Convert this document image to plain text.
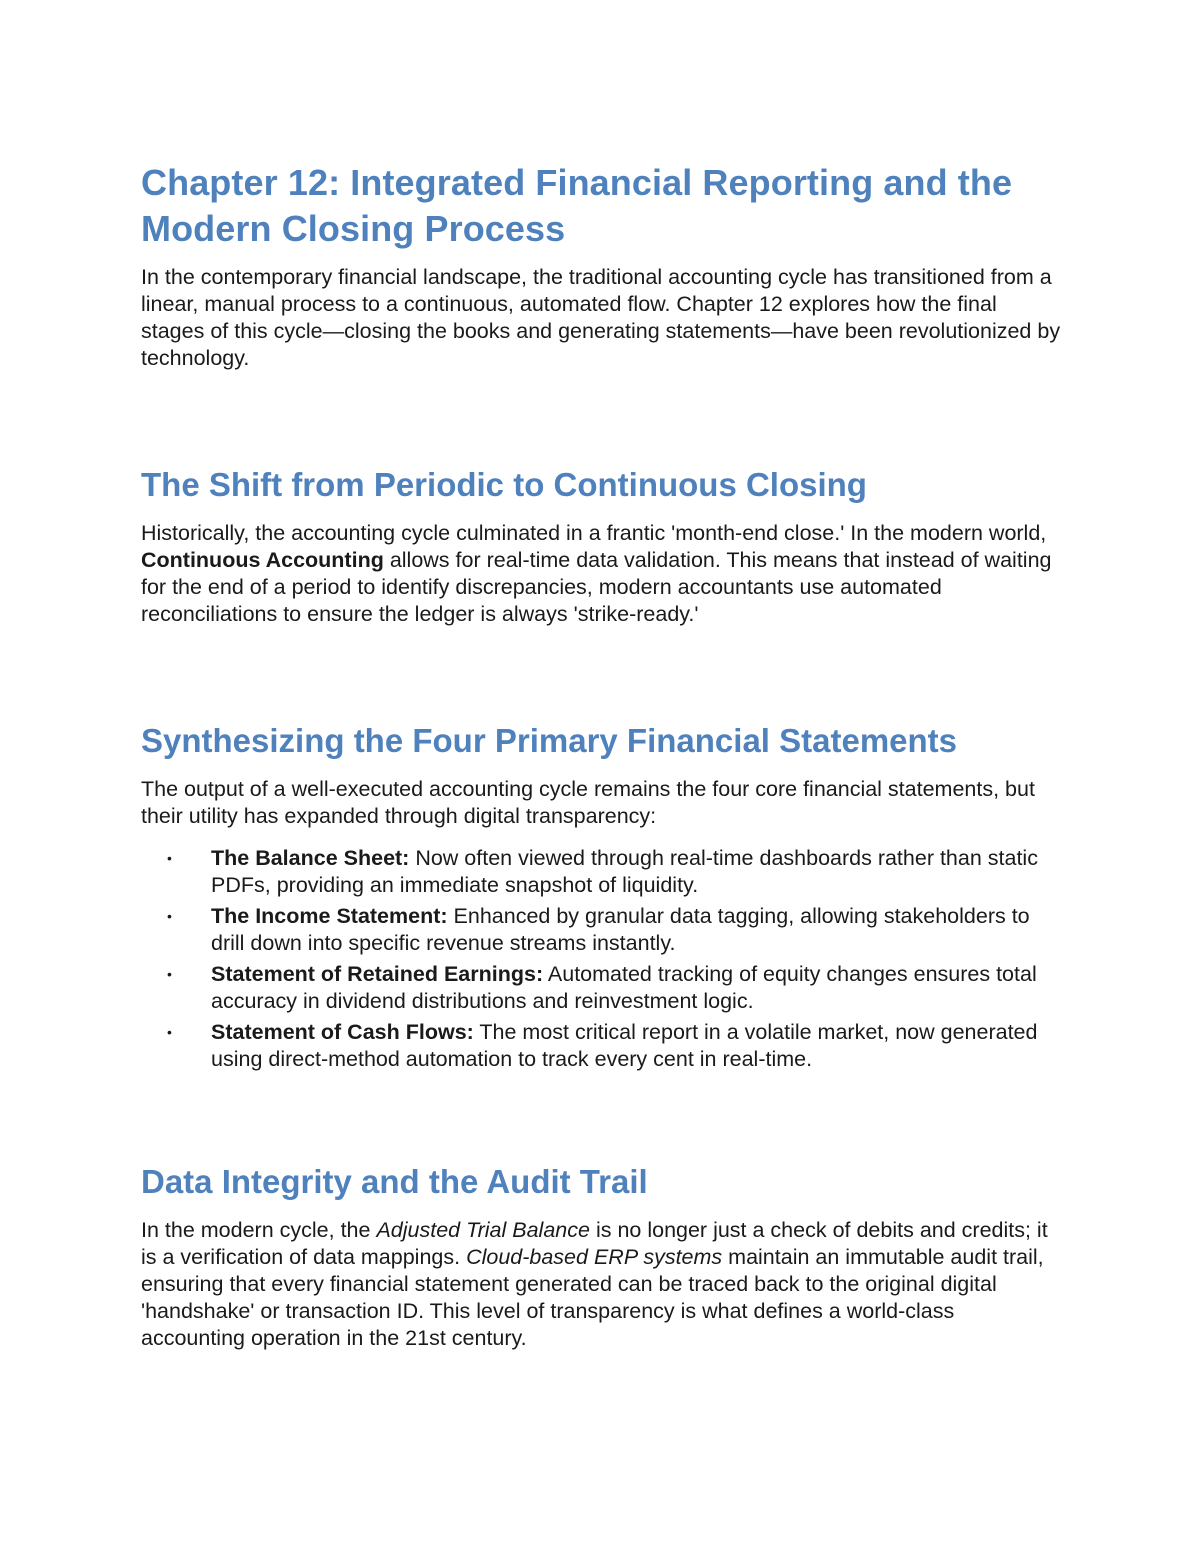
Chapter 12: Integrated Financial Reporting and the Modern Closing Process

In the contemporary financial landscape, the traditional accounting cycle has transitioned from a linear, manual process to a continuous, automated flow. Chapter 12 explores how the final stages of this cycle—closing the books and generating statements—have been revolutionized by technology.

The Shift from Periodic to Continuous Closing

Historically, the accounting cycle culminated in a frantic 'month-end close.' In the modern world, Continuous Accounting allows for real-time data validation. This means that instead of waiting for the end of a period to identify discrepancies, modern accountants use automated reconciliations to ensure the ledger is always 'strike-ready.'

Synthesizing the Four Primary Financial Statements

The output of a well-executed accounting cycle remains the four core financial statements, but their utility has expanded through digital transparency:

• The Balance Sheet: Now often viewed through real-time dashboards rather than static PDFs, providing an immediate snapshot of liquidity.
• The Income Statement: Enhanced by granular data tagging, allowing stakeholders to drill down into specific revenue streams instantly.
• Statement of Retained Earnings: Automated tracking of equity changes ensures total accuracy in dividend distributions and reinvestment logic.
• Statement of Cash Flows: The most critical report in a volatile market, now generated using direct-method automation to track every cent in real-time.
Data Integrity and the Audit Trail

In the modern cycle, the Adjusted Trial Balance is no longer just a check of debits and credits; it is a verification of data mappings. Cloud-based ERP systems maintain an immutable audit trail, ensuring that every financial statement generated can be traced back to the original digital 'handshake' or transaction ID. This level of transparency is what defines a world-class accounting operation in the 21st century.
